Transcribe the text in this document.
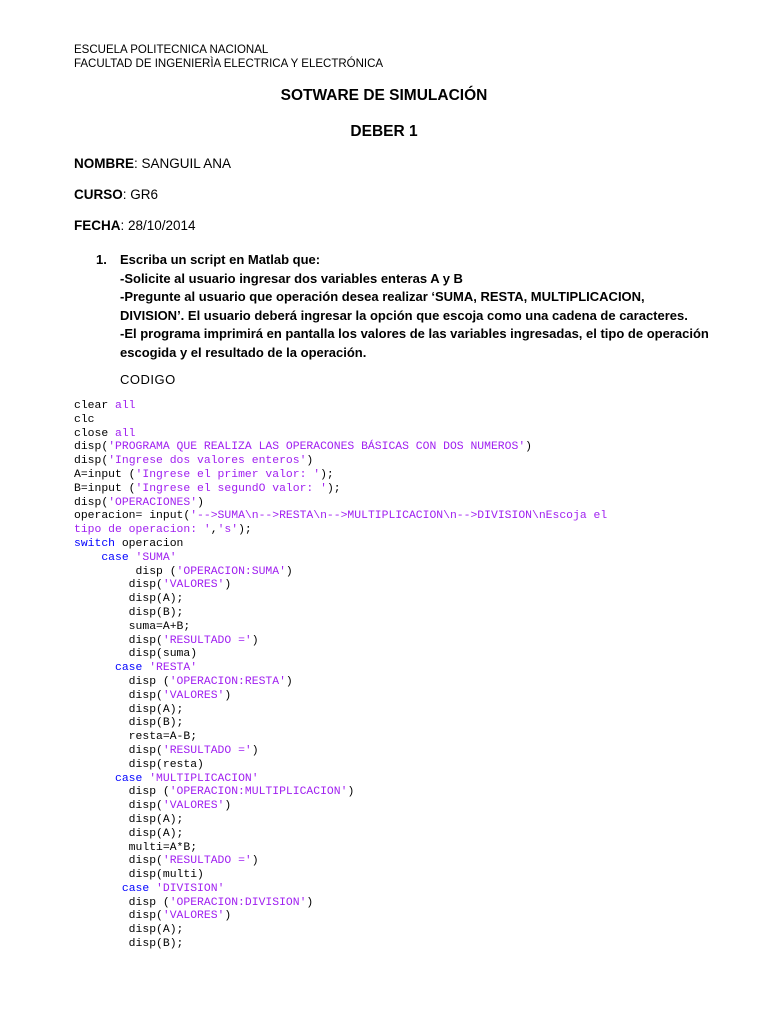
ESCUELA POLITECNICA NACIONAL
FACULTAD DE INGENIERÌA ELECTRICA Y ELECTRÓNICA
SOTWARE DE SIMULACIÓN
DEBER 1
NOMBRE: SANGUIL ANA
CURSO: GR6
FECHA: 28/10/2014
1. Escriba un script en Matlab que:
-Solicite al usuario ingresar dos variables enteras A y B
-Pregunte al usuario que operación desea realizar ‘SUMA, RESTA, MULTIPLICACION,
DIVISION’. El usuario deberá ingresar la opción que escoja como una cadena de caracteres.
-El programa imprimirá en pantalla los valores de las variables ingresadas, el tipo de operación
escogida y el resultado de la operación.
CODIGO
clear all
clc
close all
disp('PROGRAMA QUE REALIZA LAS OPERACONES BÁSICAS CON DOS NUMEROS')
disp('Ingrese dos valores enteros')
A=input ('Ingrese el primer valor: ');
B=input ('Ingrese el segundO valor: ');
disp('OPERACIONES')
operacion= input('-->SUMA\n-->RESTA\n-->MULTIPLICACION\n-->DIVISION\nEscoja el
tipo de operacion: ','s');
switch operacion
case 'SUMA'
disp ('OPERACION:SUMA')
disp('VALORES')
disp(A);
disp(B);
suma=A+B;
disp('RESULTADO =')
disp(suma)
case 'RESTA'
disp ('OPERACION:RESTA')
disp('VALORES')
disp(A);
disp(B);
resta=A-B;
disp('RESULTADO =')
disp(resta)
case 'MULTIPLICACION'
disp ('OPERACION:MULTIPLICACION')
disp('VALORES')
disp(A);
disp(A);
multi=A*B;
disp('RESULTADO =')
disp(multi)
case 'DIVISION'
disp ('OPERACION:DIVISION')
disp('VALORES')
disp(A);
disp(B);
